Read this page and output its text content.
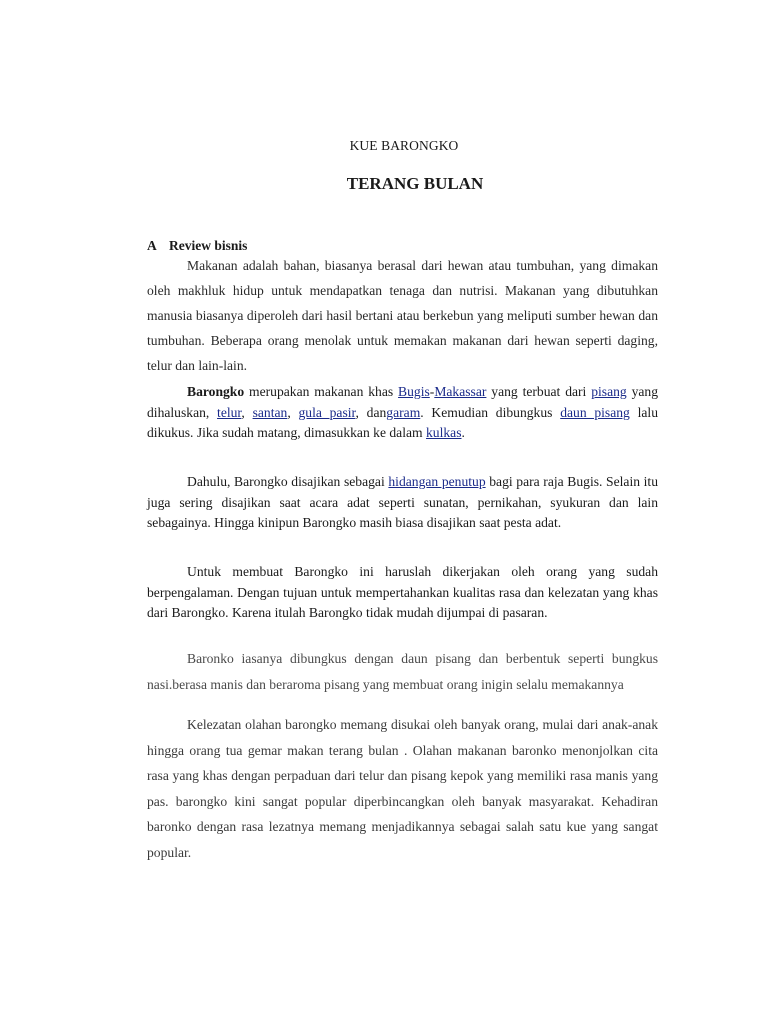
KUE BARONGKO
TERANG BULAN
A Review bisnis

Makanan adalah bahan, biasanya berasal dari hewan atau tumbuhan, yang dimakan oleh makhluk hidup untuk mendapatkan tenaga dan nutrisi. Makanan yang dibutuhkan manusia biasanya diperoleh dari hasil bertani atau berkebun yang meliputi sumber hewan dan tumbuhan. Beberapa orang menolak untuk memakan makanan dari hewan seperti daging, telur dan lain-lain.

Barongko merupakan makanan khas Bugis-Makassar yang terbuat dari pisang yang dihaluskan, telur, santan, gula pasir, dangaram. Kemudian dibungkus daun pisang lalu dikukus. Jika sudah matang, dimasukkan ke dalam kulkas.

Dahulu, Barongko disajikan sebagai hidangan penutup bagi para raja Bugis. Selain itu juga sering disajikan saat acara adat seperti sunatan, pernikahan, syukuran dan lain sebagainya. Hingga kinipun Barongko masih biasa disajikan saat pesta adat.

Untuk membuat Barongko ini haruslah dikerjakan oleh orang yang sudah berpengalaman. Dengan tujuan untuk mempertahankan kualitas rasa dan kelezatan yang khas dari Barongko. Karena itulah Barongko tidak mudah dijumpai di pasaran.

Baronko iasanya dibungkus dengan daun pisang dan berbentuk seperti bungkus nasi.berasa manis dan beraroma pisang yang membuat orang inigin selalu memakannya

Kelezatan olahan barongko memang disukai oleh banyak orang, mulai dari anak-anak hingga orang tua gemar makan terang bulan . Olahan makanan baronko menonjolkan cita rasa yang khas dengan perpaduan dari telur dan pisang kepok yang memiliki rasa manis yang pas. barongko kini sangat popular diperbincangkan oleh banyak masyarakat. Kehadiran baronko dengan rasa lezatnya memang menjadikannya sebagai salah satu kue yang sangat popular.
